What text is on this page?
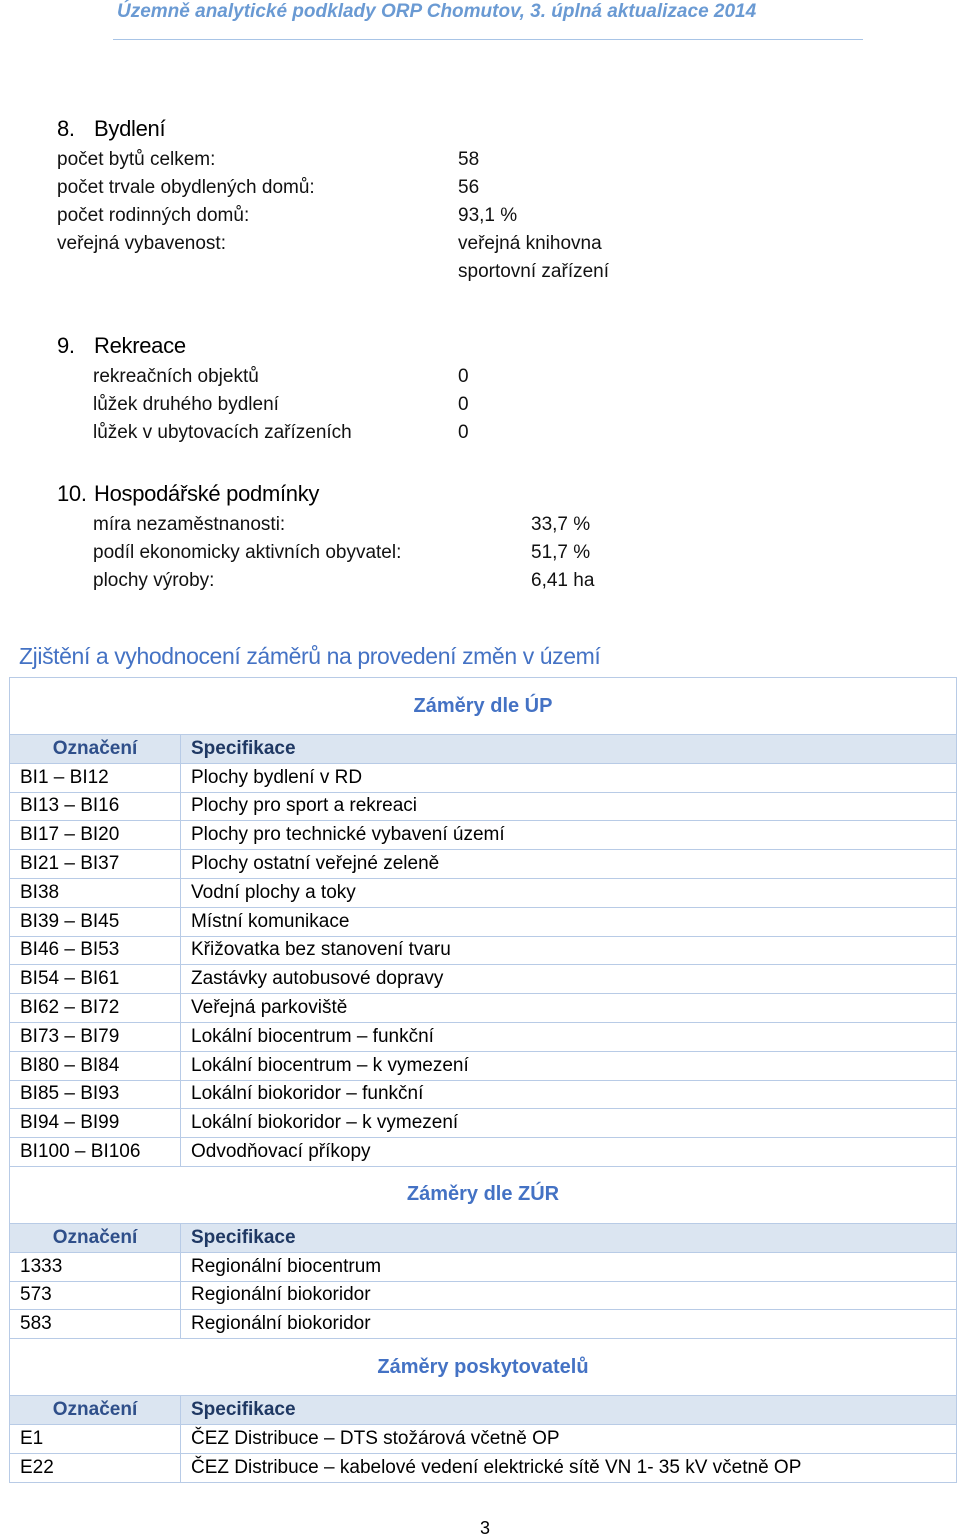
Územně analytické podklady ORP Chomutov, 3. úplná aktualizace 2014
8. Bydlení
počet bytů celkem:	58
počet trvale obydlených domů:	56
počet rodinných domů:	93,1 %
veřejná vybavenost:	veřejná knihovna
sportovní zařízení
9. Rekreace
rekreačních objektů	0
lůžek druhého bydlení	0
lůžek v ubytovacích zařízeních	0
10. Hospodářské podmínky
míra nezaměstnanosti:	33,7 %
podíl ekonomicky aktivních obyvatel:	51,7 %
plochy výroby:	6,41 ha
Zjištění a vyhodnocení záměrů na provedení změn v území
Záměry dle ÚP	
Označení	Specifikace
BI1 – BI12	Plochy bydlení v RD
BI13 – BI16	Plochy pro sport a rekreaci
BI17 – BI20	Plochy pro technické vybavení území
BI21 – BI37	Plochy ostatní veřejné zeleně
BI38	Vodní plochy a toky
BI39 – BI45	Místní komunikace
BI46 – BI53	Křižovatka bez stanovení tvaru
BI54 – BI61	Zastávky autobusové dopravy
BI62 – BI72	Veřejná parkoviště
BI73 – BI79	Lokální biocentrum – funkční
BI80 – BI84	Lokální biocentrum – k vymezení
BI85 – BI93	Lokální biokoridor – funkční
BI94 – BI99	Lokální biokoridor – k vymezení
BI100 – BI106	Odvodňovací příkopy
Záměry dle ZÚR	
Označení	Specifikace
1333	Regionální biocentrum
573	Regionální biokoridor
583	Regionální biokoridor
Záměry poskytovatelů	
Označení	Specifikace
E1	ČEZ Distribuce – DTS stožárová včetně OP
E22	ČEZ Distribuce – kabelové vedení elektrické sítě VN 1- 35 kV včetně OP
3
